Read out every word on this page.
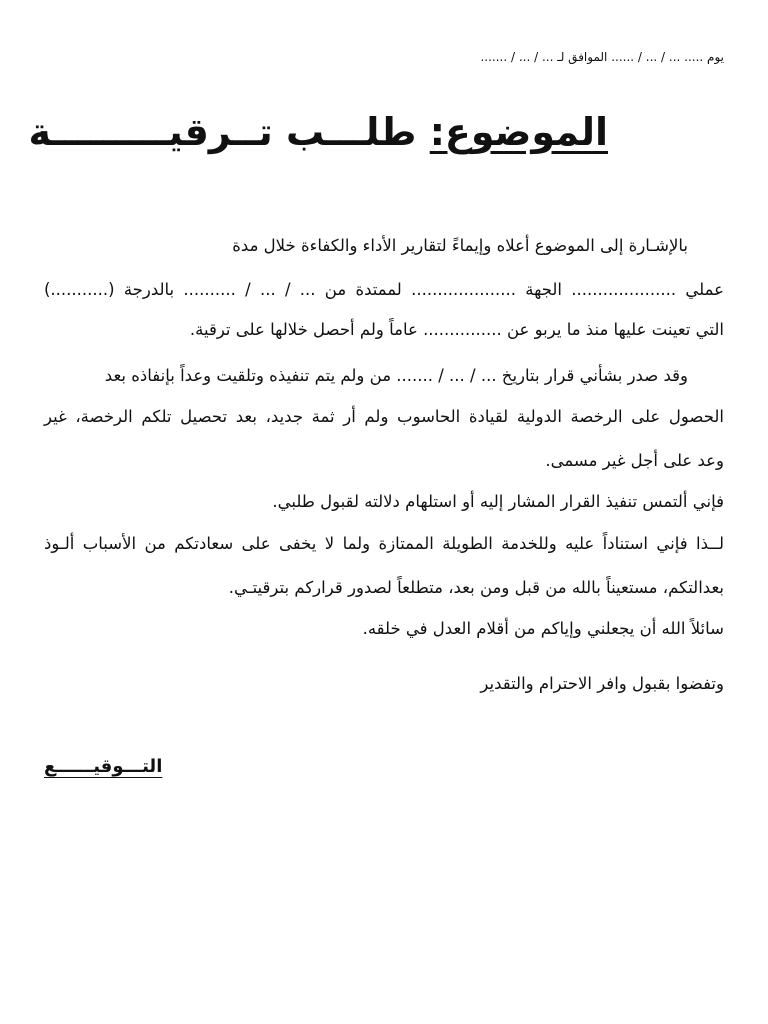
يوم ..... ... / ... / ...... الموافق لـ ... / ... / .......
الموضوع: طلـــب تــرقيـــــــــة
بالإشـارة إلى الموضوع أعلاه وإيماءً لتقارير الأداء والكفاءة خلال مدة
عملي .................... الجهة .................... لممتدة من ... / ... / .......... بالدرجة (...........)
التي تعينت عليها منذ ما يربو عن ............... عاماً ولم أحصل خلالها على ترقية.
وقد صدر بشأني قرار بتاريخ ... / ... / ....... من ولم يتم تنفيذه وتلقيت وعداً بإنفاذه بعد
الحصول على الرخصة الدولية لقيادة الحاسوب ولم أر ثمة جديد، بعد تحصيل تلكم الرخصة، غير
وعد على أجل غير مسمى.
فإني ألتمس تنفيذ القرار المشار إليه أو استلهام دلالته لقبول طلبي.
لــذا فإني استناداً عليه وللخدمة الطويلة الممتازة ولما لا يخفى على سعادتكم من الأسباب ألـوذ
بعدالتكم، مستعيناً بالله من قبل ومن بعد، متطلعاً لصدور قراركم بترقيتـي.
سائلاً الله أن يجعلني وإياكم من أقلام العدل في خلقه.
وتفضوا بقبول وافر الاحترام والتقدير
التـــوقيــــــع
